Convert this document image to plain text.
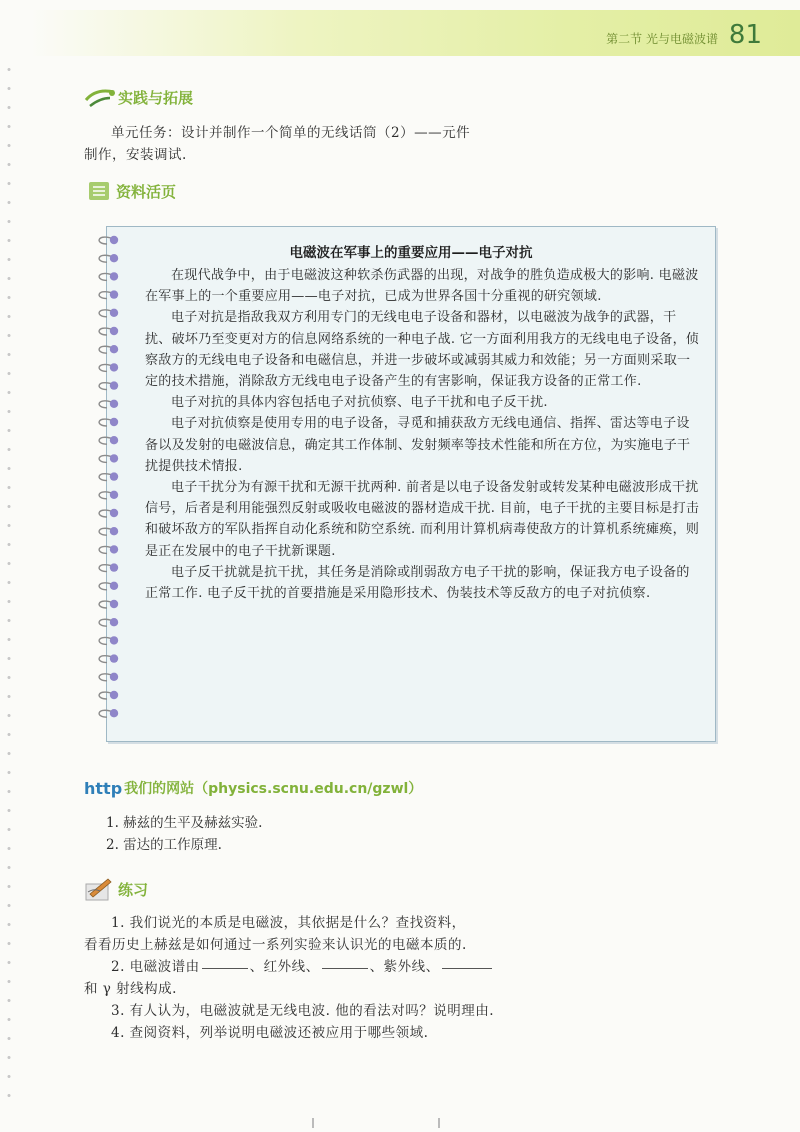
第二节 光与电磁波谱 81
实践与拓展
单元任务：设计并制作一个简单的无线话筒（2）——元件
制作，安装调试.
资料活页
电磁波在军事上的重要应用——电子对抗

在现代战争中，由于电磁波这种软杀伤武器的出现，对战争的胜负造成极大的影响. 电磁波在军事上的一个重要应用——电子对抗，已成为世界各国十分重视的研究领域.

电子对抗是指敌我双方利用专门的无线电电子设备和器材，以电磁波为战争的武器，干扰、破坏乃至变更对方的信息网络系统的一种电子战. 它一方面利用我方的无线电电子设备，侦察敌方的无线电电子设备和电磁信息，并进一步破坏或减弱其威力和效能；另一方面则采取一定的技术措施，消除敌方无线电电子设备产生的有害影响，保证我方设备的正常工作.

电子对抗的具体内容包括电子对抗侦察、电子干扰和电子反干扰.

电子对抗侦察是使用专用的电子设备，寻觅和捕获敌方无线电通信、指挥、雷达等电子设备以及发射的电磁波信息，确定其工作体制、发射频率等技术性能和所在方位，为实施电子干扰提供技术情报.

电子干扰分为有源干扰和无源干扰两种. 前者是以电子设备发射或转发某种电磁波形成干扰信号，后者是利用能强烈反射或吸收电磁波的器材造成干扰. 目前，电子干扰的主要目标是打击和破坏敌方的军队指挥自动化系统和防空系统. 而利用计算机病毒使敌方的计算机系统瘫痪，则是正在发展中的电子干扰新课题.

电子反干扰就是抗干扰，其任务是消除或削弱敌方电子干扰的影响，保证我方电子设备的正常工作. 电子反干扰的首要措施是采用隐形技术、伪装技术等反敌方的电子对抗侦察.

http 我们的网站（physics.scnu.edu.cn/gzwl）
1. 赫兹的生平及赫兹实验.
2. 雷达的工作原理.
练习
1. 我们说光的本质是电磁波，其依据是什么？查找资料，
看看历史上赫兹是如何通过一系列实验来认识光的电磁本质的.
2. 电磁波谱由	、红外线、	、紫外线、
和 γ 射线构成.
3. 有人认为，电磁波就是无线电波. 他的看法对吗？说明理由.
4. 查阅资料，列举说明电磁波还被应用于哪些领域.
